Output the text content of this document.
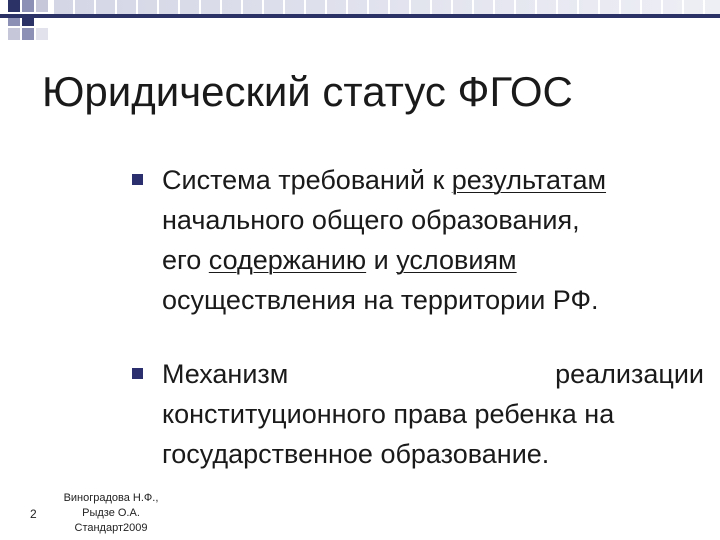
Юридический статус ФГОС
Система требований к результатам
начального общего образования,
его содержанию и условиям
осуществления на территории РФ.
Механизм	реализации
конституционного права ребенка на
государственное образование.
2
Виноградова Н.Ф.,
Рыдзе О.А.
Стандарт2009
